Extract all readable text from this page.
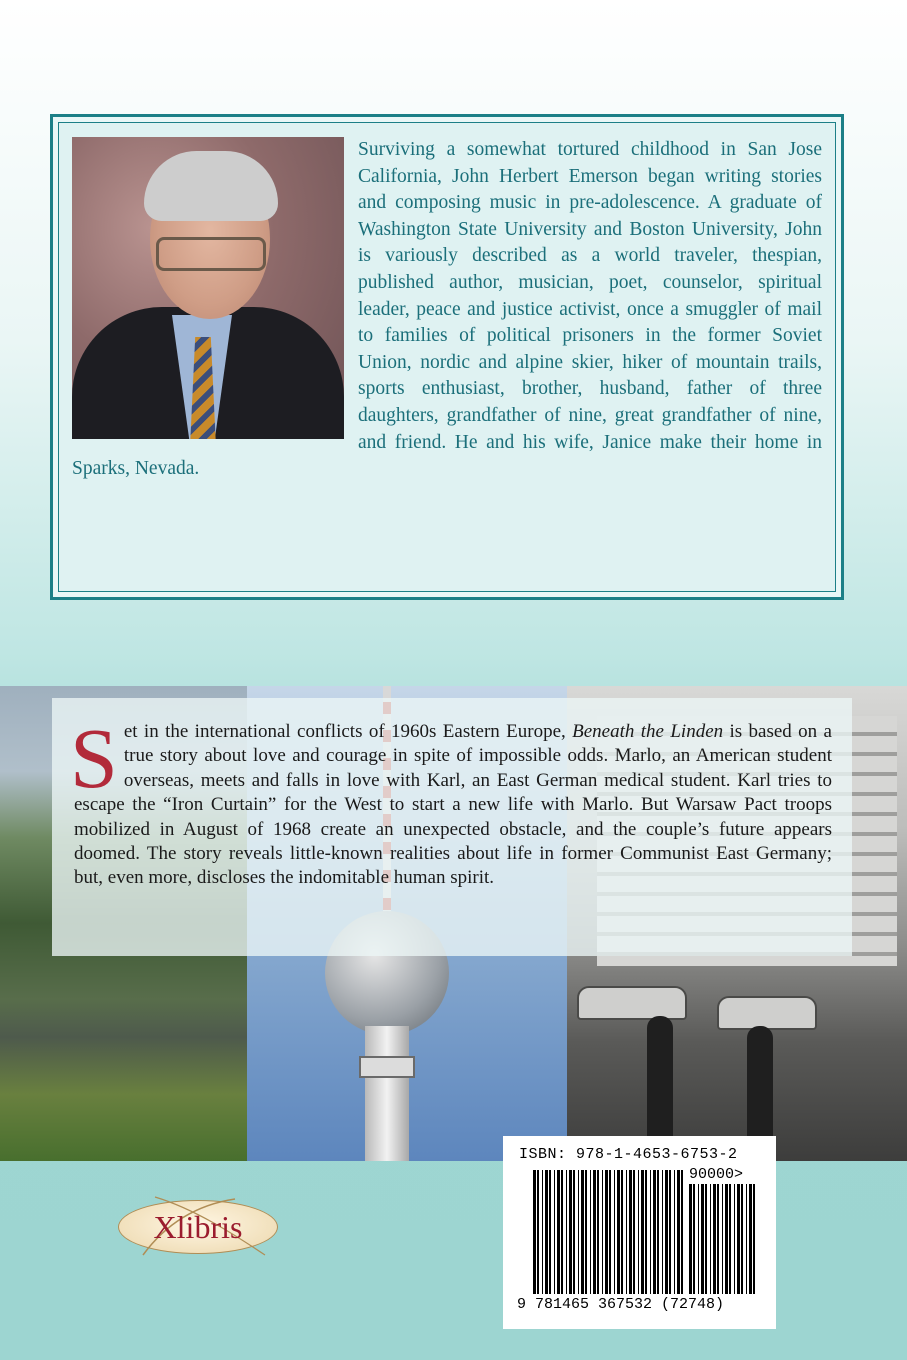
Surviving a somewhat tortured childhood in San Jose California, John Herbert Emerson began writing stories and composing music in pre-adolescence. A graduate of Washington State University and Boston University, John is variously described as a world traveler, thespian, published author, musician, poet, counselor, spiritual leader, peace and justice activist, once a smuggler of mail to families of political prisoners in the former Soviet Union, nordic and alpine skier, hiker of mountain trails, sports enthusiast, brother, husband, father of three daughters, grandfather of nine, great grandfather of nine, and friend. He and his wife, Janice make their home in Sparks, Nevada.

Set in the international conflicts of 1960s Eastern Europe, Beneath the Linden is based on a true story about love and courage in spite of impossible odds. Marlo, an American student overseas, meets and falls in love with Karl, an East German medical student. Karl tries to escape the “Iron Curtain” for the West to start a new life with Marlo. But Warsaw Pact troops mobilized in August of 1968 create an unexpected obstacle, and the couple’s future appears doomed. The story reveals little-known realities about life in former Communist East Germany; but, even more, discloses the indomitable human spirit.

Xlibris
ISBN: 978-1-4653-6753-2
90000>
9 781465 367532 (72748)
